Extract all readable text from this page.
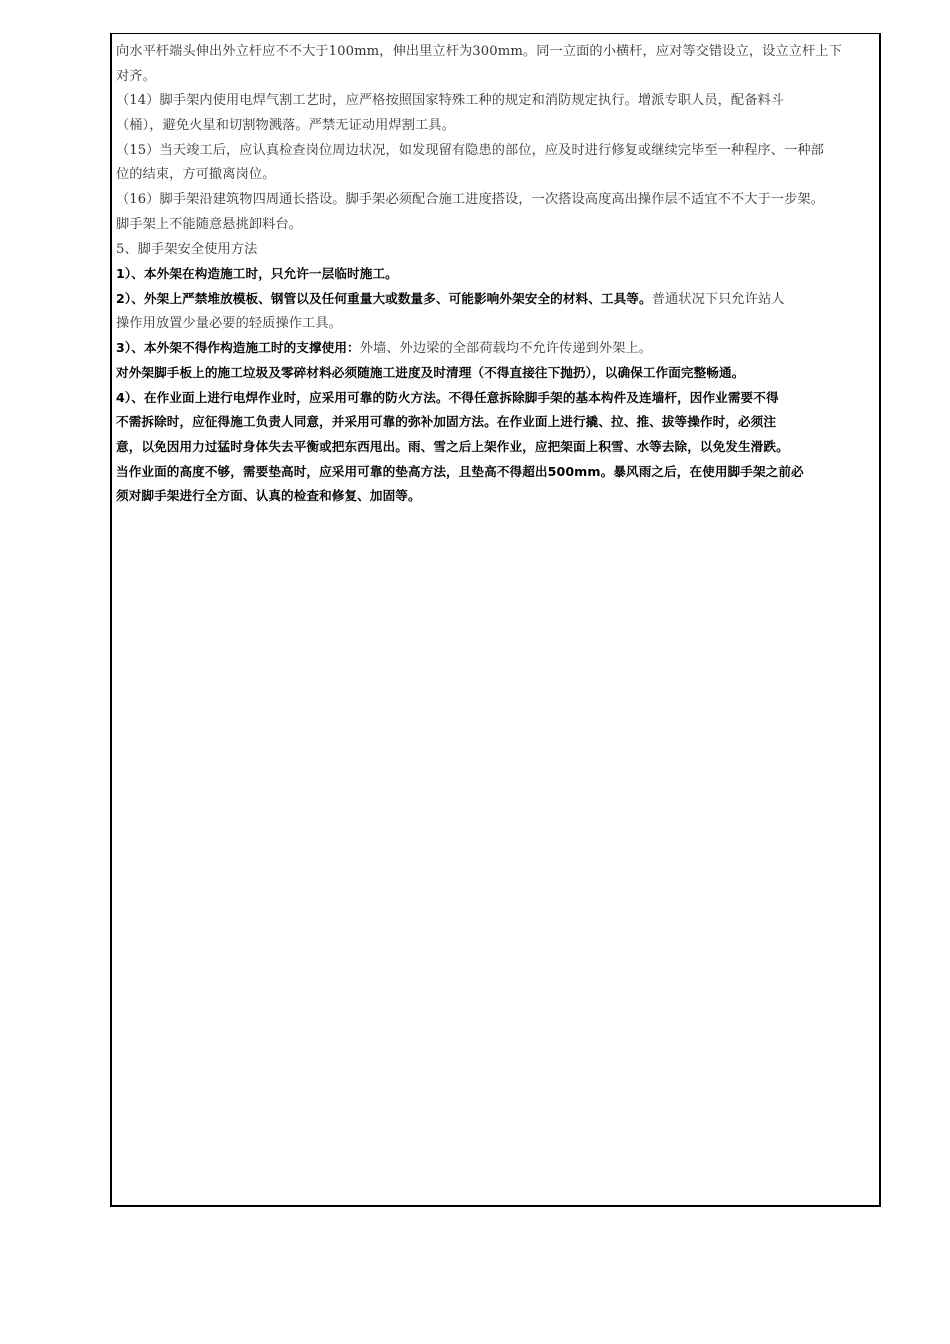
向水平杆端头伸出外立杆应不不大于100mm，伸出里立杆为300mm。同一立面的小横杆，应对等交错设立，设立立杆上下
对齐。
（14）脚手架内使用电焊气割工艺时，应严格按照国家特殊工种的规定和消防规定执行。增派专职人员，配备料斗
（桶），避免火星和切割物溅落。严禁无证动用焊割工具。
（15）当天竣工后，应认真检查岗位周边状况，如发现留有隐患的部位，应及时进行修复或继续完毕至一种程序、一种部
位的结束，方可撤离岗位。
（16）脚手架沿建筑物四周通长搭设。脚手架必须配合施工进度搭设，一次搭设高度高出操作层不适宜不不大于一步架。
脚手架上不能随意悬挑卸料台。
5、脚手架安全使用方法
1）、本外架在构造施工时，只允许一层临时施工。
2）、外架上严禁堆放模板、钢管以及任何重量大或数量多、可能影响外架安全的材料、工具等。普通状况下只允许站人
操作用放置少量必要的轻质操作工具。
3）、本外架不得作构造施工时的支撑使用：外墙、外边梁的全部荷载均不允许传递到外架上。
对外架脚手板上的施工垃圾及零碎材料必须随施工进度及时清理（不得直接往下抛扔），以确保工作面完整畅通。
4）、在作业面上进行电焊作业时，应采用可靠的防火方法。不得任意拆除脚手架的基本构件及连墙杆，因作业需要不得
不需拆除时，应征得施工负责人同意，并采用可靠的弥补加固方法。在作业面上进行撬、拉、推、拔等操作时，必须注
意，以免因用力过猛时身体失去平衡或把东西甩出。雨、雪之后上架作业，应把架面上积雪、水等去除，以免发生滑跌。
当作业面的高度不够，需要垫高时，应采用可靠的垫高方法，且垫高不得超出500mm。暴风雨之后，在使用脚手架之前必
须对脚手架进行全方面、认真的检查和修复、加固等。
